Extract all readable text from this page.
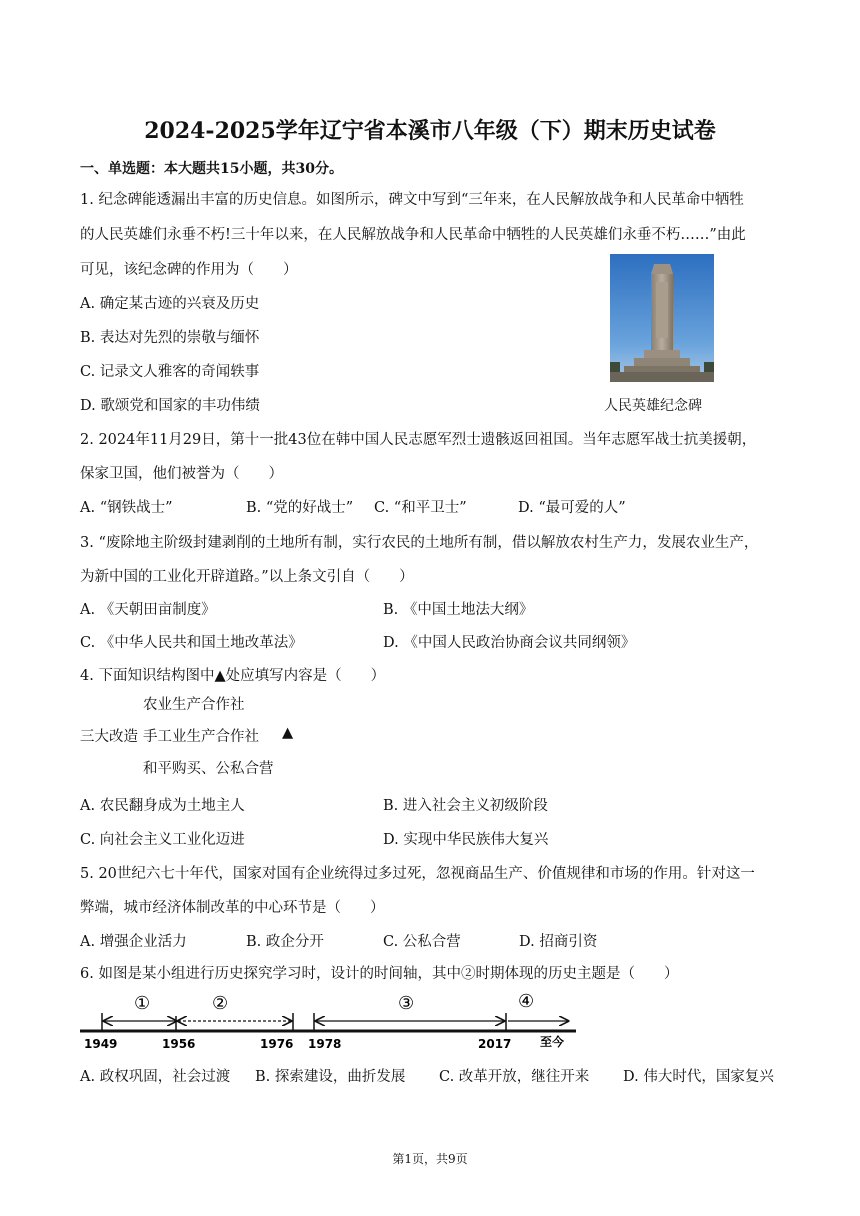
2024-2025学年辽宁省本溪市八年级（下）期末历史试卷
一、单选题：本大题共15小题，共30分。
1. 纪念碑能透漏出丰富的历史信息。如图所示，碑文中写到“三年来，在人民解放战争和人民革命中牺牲
的人民英雄们永垂不朽!三十年以来，在人民解放战争和人民革命中牺牲的人民英雄们永垂不朽……”由此
可见，该纪念碑的作用为（　　）
A. 确定某古迹的兴衰及历史
B. 表达对先烈的崇敬与缅怀
C. 记录文人雅客的奇闻轶事
D. 歌颂党和国家的丰功伟绩	人民英雄纪念碑
2. 2024年11月29日，第十一批43位在韩中国人民志愿军烈士遗骸返回祖国。当年志愿军战士抗美援朝，
保家卫国，他们被誉为（　　）
A. “钢铁战士”	B. “党的好战士” C. “和平卫士”	D. “最可爱的人”
3. “废除地主阶级封建剥削的土地所有制，实行农民的土地所有制，借以解放农村生产力，发展农业生产，
为新中国的工业化开辟道路。”以上条文引自（　　）
A. 《天朝田亩制度》	B. 《中国土地法大纲》
C. 《中华人民共和国土地改革法》	D. 《中国人民政治协商会议共同纲领》
4. 下面知识结构图中▲处应填写内容是（　　）
农业生产合作社
三大改造 手工业生产合作社 ▲
和平购买、公私合营
A. 农民翻身成为土地主人	B. 进入社会主义初级阶段
C. 向社会主义工业化迈进	D. 实现中华民族伟大复兴
5. 20世纪六七十年代，国家对国有企业统得过多过死，忽视商品生产、价值规律和市场的作用。针对这一
弊端，城市经济体制改革的中心环节是（　　）
A. 增强企业活力	B. 政企分开	C. 公私合营	D. 招商引资
6. 如图是某小组进行历史探究学习时，设计的时间轴，其中②时期体现的历史主题是（　　）
①	②	③	④
1949	1956	1976 1978	2017 至今
A. 政权巩固，社会过渡 B. 探索建设，曲折发展 C. 改革开放，继往开来 D. 伟大时代，国家复兴
第1页，共9页
